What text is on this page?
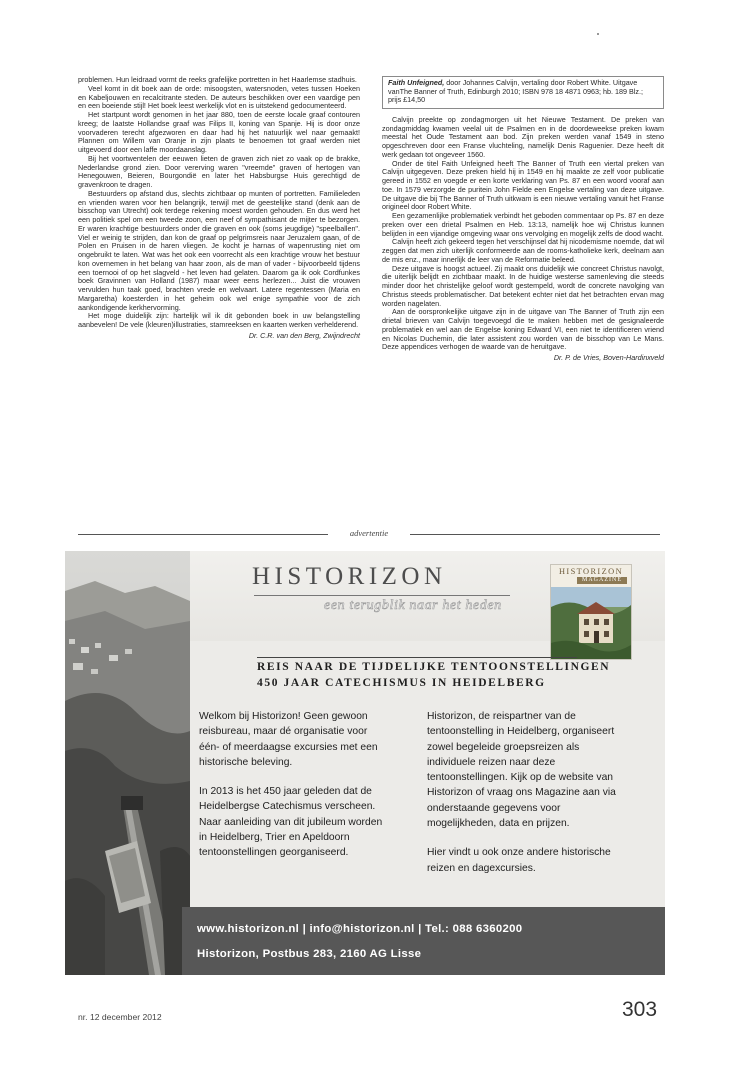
problemen. Hun leidraad vormt de reeks grafelijke portretten in het Haarlemse stadhuis.

Veel komt in dit boek aan de orde: misoogsten, watersnoden, vetes tussen Hoeken en Kabeljouwen en recalcitrante steden. De auteurs beschikken over een vaardige pen en een boeiende stijl! Het boek leest werkelijk vlot en is uitstekend gedocumenteerd.

Het startpunt wordt genomen in het jaar 880, toen de eerste locale graaf contouren kreeg; de laatste Hollandse graaf was Filips II, koning van Spanje. Hij is door onze voorvaderen terecht afgezworen en daar had hij het natuurlijk wel naar gemaakt! Plannen om Willem van Oranje in zijn plaats te benoemen tot graaf werden niet uitgevoerd door een laffe moordaanslag.

Bij het voortwentelen der eeuwen lieten de graven zich niet zo vaak op de brakke, Nederlandse grond zien. Door vererving waren "vreemde" graven of hertogen van Henegouwen, Beieren, Bourgondië en later het Habsburgse Huis gerechtigd de gravenkroon te dragen.

Bestuurders op afstand dus, slechts zichtbaar op munten of portretten. Familieleden en vrienden waren voor hen belangrijk, terwijl met de geestelijke stand (denk aan de bisschop van Utrecht) ook terdege rekening moest worden gehouden. En dus werd het een politiek spel om een tweede zoon, een neef of sympathisant de mijter te bezorgen. Er waren krachtige bestuurders onder die graven en ook (soms jeugdige) "speelballen". Viel er weinig te strijden, dan kon de graaf op pelgrimsreis naar Jeruzalem gaan, of de Polen en Pruisen in de haren vliegen. Je kocht je harnas of wapenrusting niet om ongebruikt te laten. Wat was het ook een voorrecht als een krachtige vrouw het bestuur kon overnemen in het belang van haar zoon, als de man of vader - bijvoorbeeld tijdens een toernooi of op het slagveld - het leven had gelaten. Daarom ga ik ook Cordfunkes boek Gravinnen van Holland (1987) maar weer eens herlezen... Juist die vrouwen vervulden hun taak goed, brachten vrede en welvaart. Latere regentessen (Maria en Margaretha) koesterden in het geheim ook wel enige sympathie voor de zich aankondigende kerkhervorming.

Het moge duidelijk zijn: hartelijk wil ik dit gebonden boek in uw belangstelling aanbevelen! De vele (kleuren)illustraties, stamreeksen en kaarten werken verhelderend.

Dr. C.R. van den Berg, Zwijndrecht
Faith Unfeigned, door Johannes Calvijn, vertaling door Robert White. Uitgave vanThe Banner of Truth, Edinburgh 2010; ISBN 978 18 4871 0963; hb. 189 Blz.; prijs £14,50

Calvijn preekte op zondagmorgen uit het Nieuwe Testament. De preken van zondagmiddag kwamen veelal uit de Psalmen en in de doordeweekse preken kwam meestal het Oude Testament aan bod. Zijn preken werden vanaf 1549 in steno opgeschreven door een Franse vluchteling, namelijk Denis Raguenier. Deze heeft dit werk gedaan tot ongeveer 1560.

Onder de titel Faith Unfeigned heeft The Banner of Truth een viertal preken van Calvijn uitgegeven. Deze preken hield hij in 1549 en hij maakte ze zelf voor publicatie gereed in 1552 en voegde er een korte verklaring van Ps. 87 en een woord vooraf aan toe. In 1579 verzorgde de puritein John Fielde een Engelse vertaling van deze uitgave. De uitgave die bij The Banner of Truth uitkwam is een nieuwe vertaling vanuit het Franse origineel door Robert White.

Een gezamenlijke problematiek verbindt het geboden commentaar op Ps. 87 en deze preken over een drietal Psalmen en Heb. 13:13, namelijk hoe wij Christus kunnen belijden in een vijandige omgeving waar ons vervolging en mogelijk zelfs de dood wacht.

Calvijn heeft zich gekeerd tegen het verschijnsel dat hij nicodemisme noemde, dat wil zeggen dat men zich uiterlijk conformeerde aan de rooms-katholieke kerk, deelnam aan de mis enz., maar innerlijk de leer van de Reformatie beleed.

Deze uitgave is hoogst actueel. Zij maakt ons duidelijk wie concreet Christus navolgt, die uiterlijk belijdt en zichtbaar maakt. In de huidige westerse samenleving die steeds minder door het christelijke geloof wordt gestempeld, wordt de concrete navolging van Christus steeds problematischer. Dat betekent echter niet dat het betrachten ervan mag worden nagelaten.

Aan de oorspronkelijke uitgave zijn in de uitgave van The Banner of Truth zijn een drietal brieven van Calvijn toegevoegd die te maken hebben met de gesignaleerde problematiek en wel aan de Engelse koning Edward VI, een niet te identificeren vriend en Nicolas Duchemin, die later assistent zou worden van de bisschop van Le Mans. Deze appendices verhogen de waarde van de heruitgave.

Dr. P. de Vries, Boven-Hardinxveld
advertentie
HISTORIZON
een terugblik naar het heden
HISTORIZON
MAGAZINE
REIS NAAR DE TIJDELIJKE TENTOONSTELLINGEN
450 JAAR CATECHISMUS IN HEIDELBERG

Welkom bij Historizon! Geen gewoon reisbureau, maar dé organisatie voor één- of meerdaagse excursies met een historische beleving.

In 2013 is het 450 jaar geleden dat de Heidelbergse Catechismus verscheen. Naar aanleiding van dit jubileum worden in Heidelberg, Trier en Apeldoorn tentoonstellingen georganiseerd.

Historizon, de reispartner van de tentoonstelling in Heidelberg, organiseert zowel begeleide groepsreizen als individuele reizen naar deze tentoonstellingen. Kijk op de website van Historizon of vraag ons Magazine aan via onderstaande gegevens voor mogelijkheden, data en prijzen.

Hier vindt u ook onze andere historische reizen en dagexcursies.

www.historizon.nl | info@historizon.nl | Tel.: 088 6360200
Historizon, Postbus 283, 2160 AG Lisse
nr. 12 december 2012	303
